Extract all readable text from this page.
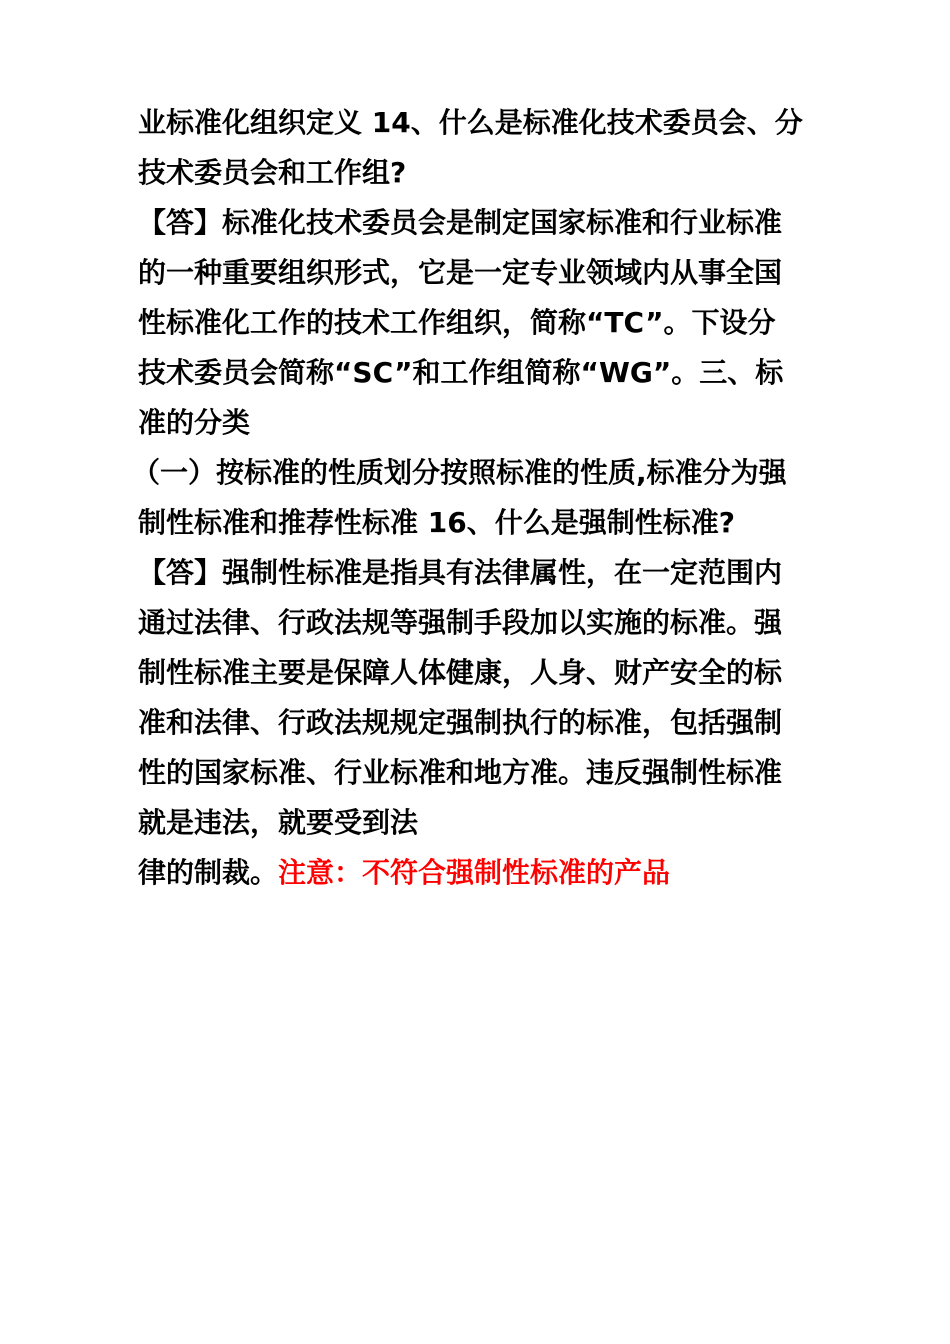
业标准化组织定义 14、什么是标准化技术委员会、分
技术委员会和工作组?
【答】标准化技术委员会是制定国家标准和行业标准
的一种重要组织形式，它是一定专业领域内从事全国
性标准化工作的技术工作组织，简称“TC”。下设分
技术委员会简称“SC”和工作组简称“WG”。三、标
准的分类
（一）按标准的性质划分按照标准的性质,标准分为强
制性标准和推荐性标准 16、什么是强制性标准?
【答】强制性标准是指具有法律属性，在一定范围内
通过法律、行政法规等强制手段加以实施的标准。强
制性标准主要是保障人体健康，人身、财产安全的标
准和法律、行政法规规定强制执行的标准，包括强制
性的国家标准、行业标准和地方准。违反强制性标准
就是违法，就要受到法
律的制裁。注意：不符合强制性标准的产品
